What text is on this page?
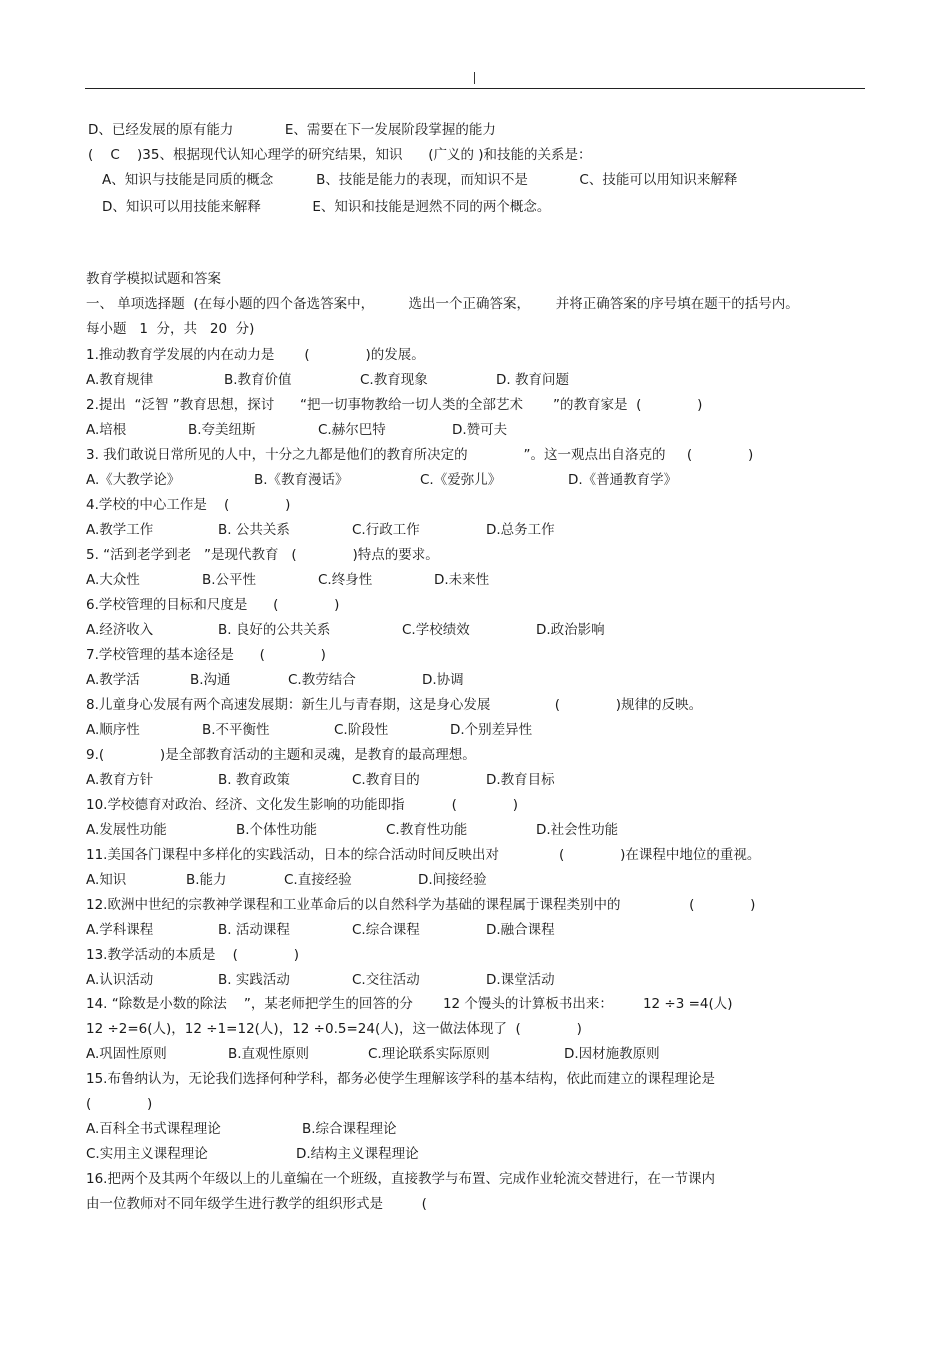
D、已经发展的原有能力            E、需要在下一发展阶段掌握的能力
(    C    )35、根据现代认知心理学的研究结果，知识      (广义的 )和技能的关系是：
A、知识与技能是同质的概念          B、技能是能力的表现，而知识不是            C、技能可以用知识来解释
D、知识可以用技能来解释            E、知识和技能是迥然不同的两个概念。
教育学模拟试题和答案
一、 单项选择题  (在每小题的四个备选答案中，        选出一个正确答案，      并将正确答案的序号填在题干的括号内。
每小题   1  分，共   20  分)
1.推动教育学发展的内在动力是       (             )的发展。
A.教育规律	B.教育价值	C.教育现象	D. 教育问题
2.提出  “泛智 ”教育思想，探讨      “把一切事物教给一切人类的全部艺术       ”的教育家是  (             )
A.培根	B.夸美纽斯	C.赫尔巴特	D.赞可夫
3. 我们敢说日常所见的人中，十分之九都是他们的教育所决定的             ”。这一观点出自洛克的     (             )
A.《大教学论》	B.《教育漫话》	C.《爱弥儿》	D.《普通教育学》
4.学校的中心工作是    (             )
A.教学工作	B. 公共关系	C.行政工作	D.总务工作
5. “活到老学到老   ”是现代教育   (             )特点的要求。
A.大众性	B.公平性	C.终身性	D.未来性
6.学校管理的目标和尺度是      (             )
A.经济收入	B. 良好的公共关系	C.学校绩效	D.政治影响
7.学校管理的基本途径是      (             )
A.教学活	B.沟通	C.教劳结合	D.协调
8.儿童身心发展有两个高速发展期：新生儿与青春期，这是身心发展               (             )规律的反映。
A.顺序性	B.不平衡性	C.阶段性	D.个别差异性
9.(             )是全部教育活动的主题和灵魂，是教育的最高理想。
A.教育方针	B. 教育政策	C.教育目的	D.教育目标
10.学校德育对政治、经济、文化发生影响的功能即指           (             )
A.发展性功能	B.个体性功能	C.教育性功能	D.社会性功能
11.美国各门课程中多样化的实践活动，日本的综合活动时间反映出对              (             )在课程中地位的重视。
A.知识	B.能力	C.直接经验	D.间接经验
12.欧洲中世纪的宗教神学课程和工业革命后的以自然科学为基础的课程属于课程类别中的                (             )
A.学科课程	B. 活动课程	C.综合课程	D.融合课程
13.教学活动的本质是    (             )
A.认识活动	B. 实践活动	C.交往活动	D.课堂活动
14. “除数是小数的除法    ”，某老师把学生的回答的分       12 个馒头的计算板书出来：       12 ÷3 =4(人)
12 ÷2=6(人)，12 ÷1=12(人)，12 ÷0.5=24(人)，这一做法体现了  (             )
A.巩固性原则	B.直观性原则	C.理论联系实际原则	D.因材施教原则
15.布鲁纳认为，无论我们选择何种学科，都务必使学生理解该学科的基本结构，依此而建立的课程理论是
(             )
A.百科全书式课程理论	B.综合课程理论
C.实用主义课程理论	D.结构主义课程理论
16.把两个及其两个年级以上的儿童编在一个班级，直接教学与布置、完成作业轮流交替进行，在一节课内
由一位教师对不同年级学生进行教学的组织形式是         (
